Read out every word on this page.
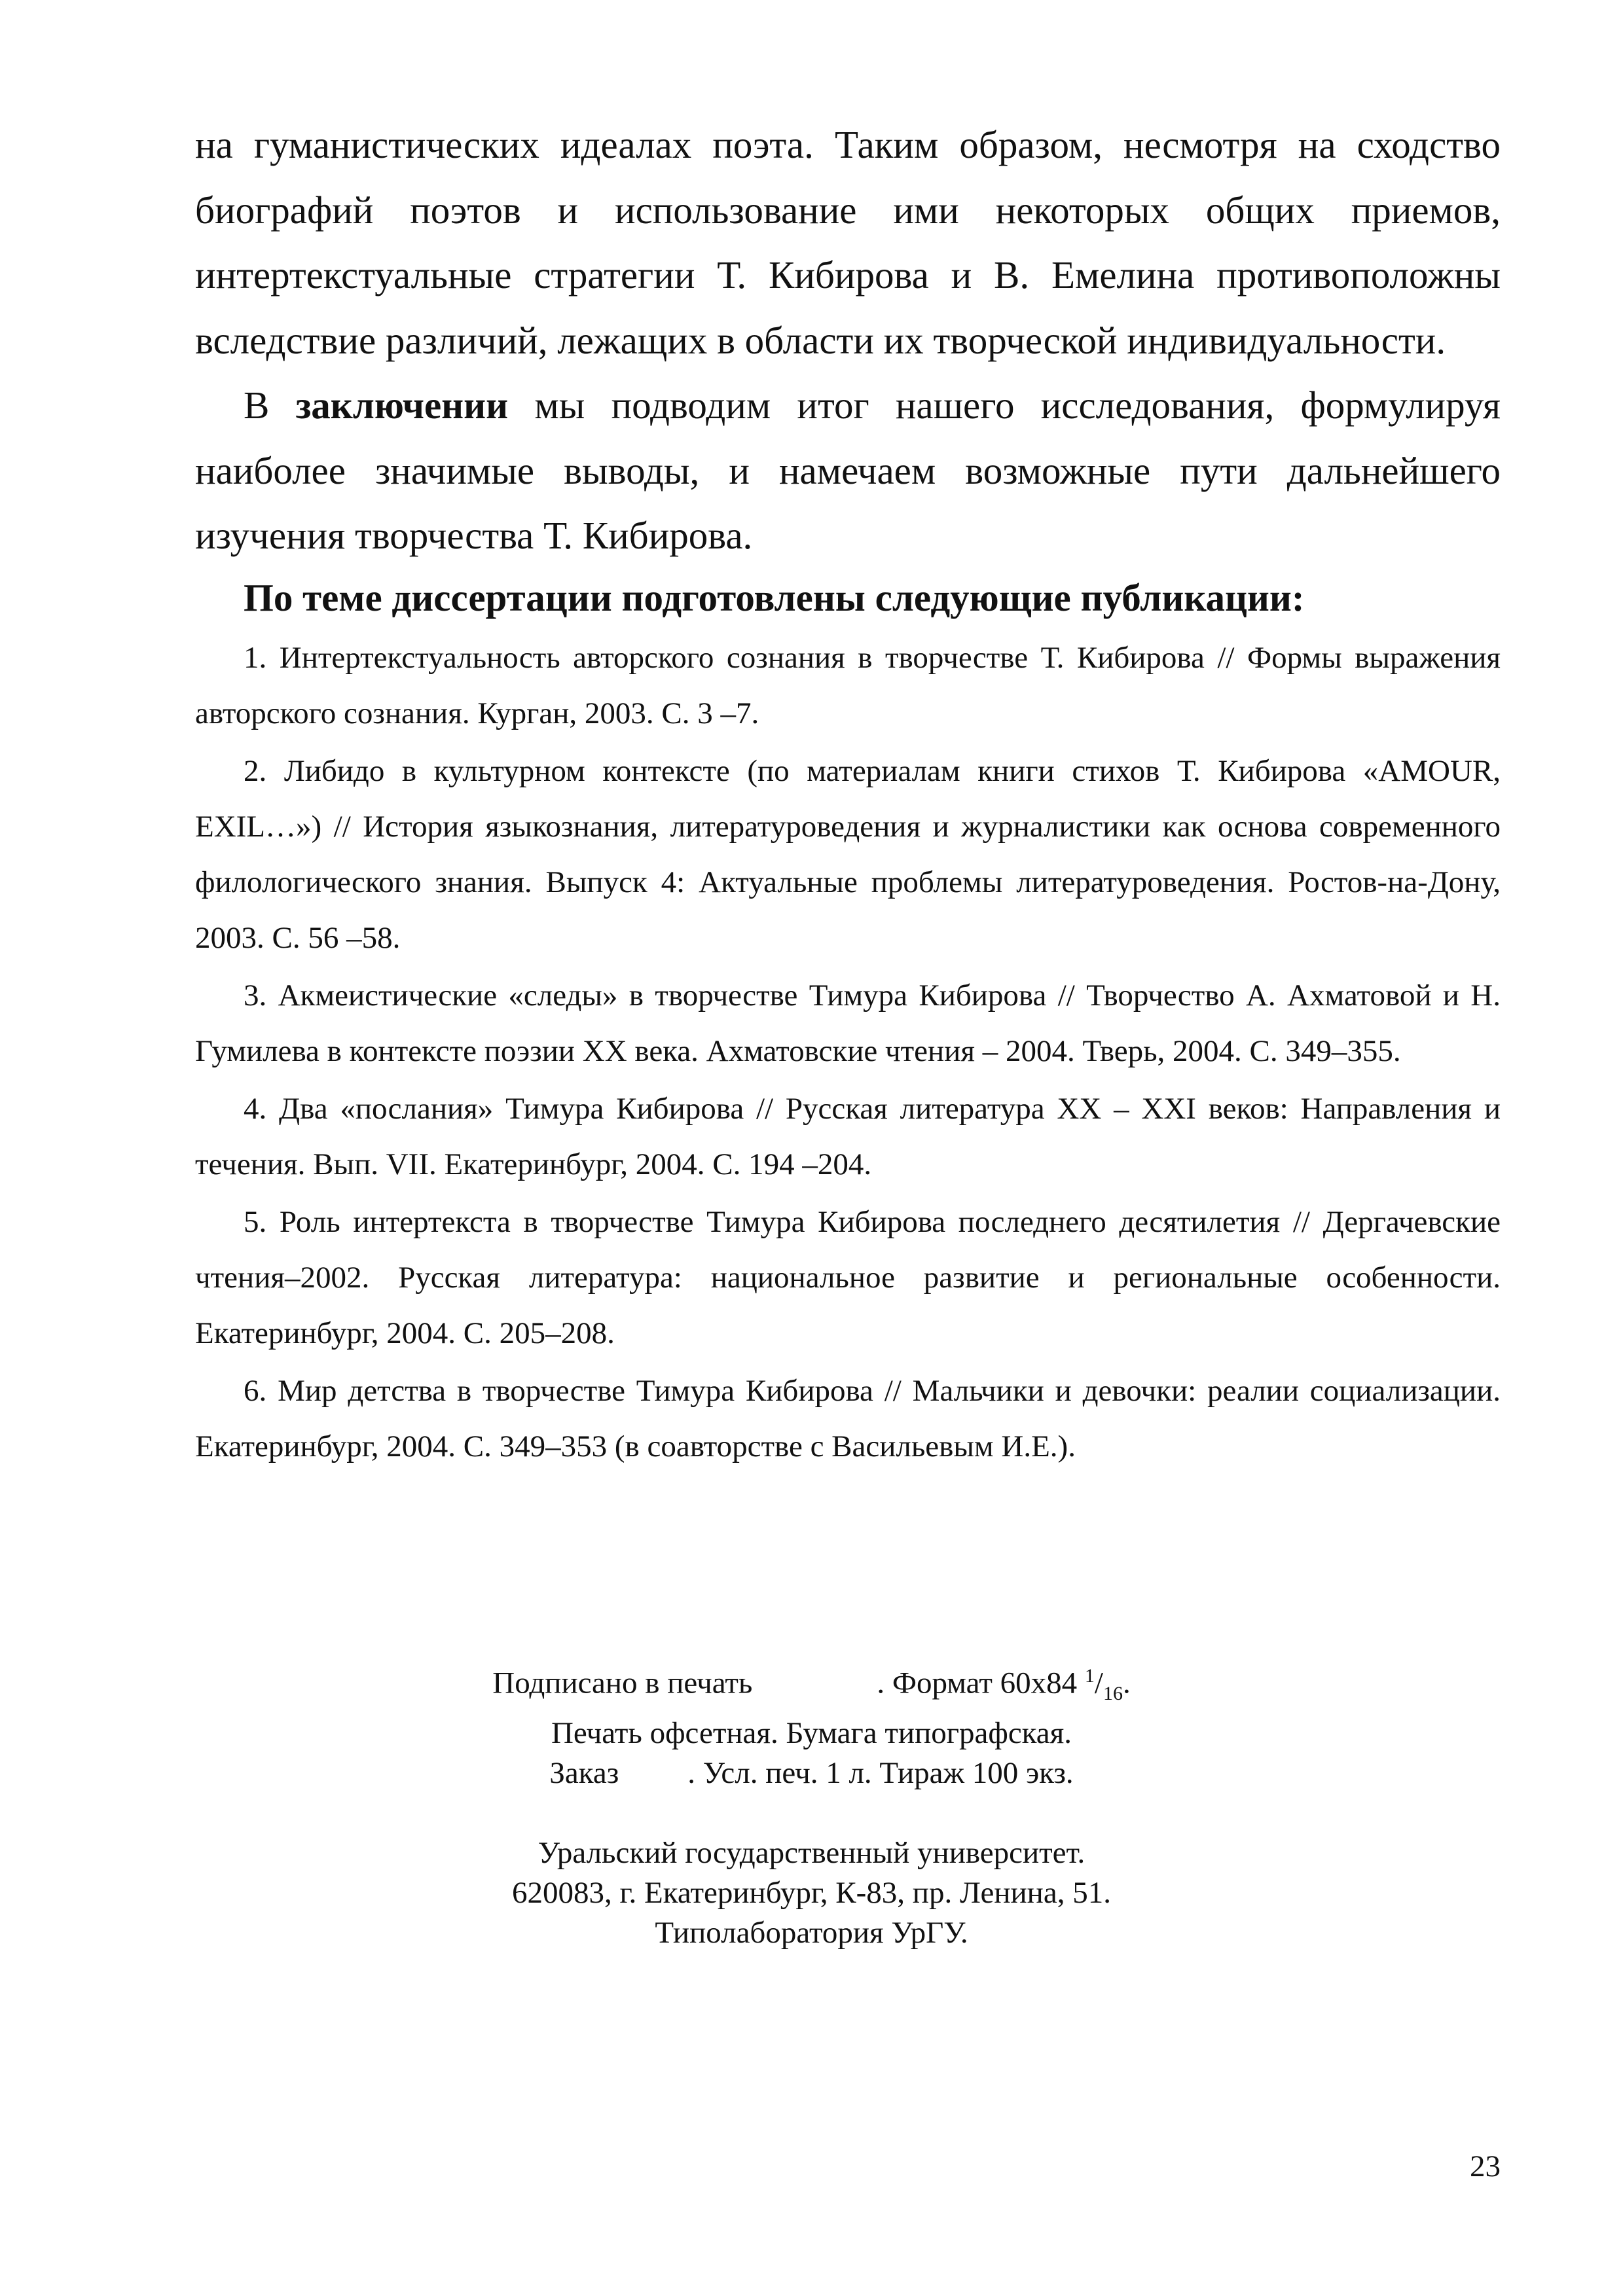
на гуманистических идеалах поэта. Таким образом, несмотря на сходство биографий поэтов и использование ими некоторых общих приемов, интертекстуальные стратегии Т. Кибирова и В. Емелина противоположны вследствие различий, лежащих в области их творческой индивидуальности.

В заключении мы подводим итог нашего исследования, формулируя наиболее значимые выводы, и намечаем возможные пути дальнейшего изучения творчества Т. Кибирова.

По теме диссертации подготовлены следующие публикации:

1. Интертекстуальность авторского сознания в творчестве Т. Кибирова // Формы выражения авторского сознания. Курган, 2003. С. 3 –7.
2. Либидо в культурном контексте (по материалам книги стихов Т. Кибирова «AMOUR, EXIL…») // История языкознания, литературоведения и журналистики как основа современного филологического знания. Выпуск 4: Актуальные проблемы литературоведения. Ростов-на-Дону, 2003. С. 56 –58.
3. Акмеистические «следы» в творчестве Тимура Кибирова // Творчество А. Ахматовой и Н. Гумилева в контексте поэзии XX века. Ахматовские чтения – 2004. Тверь, 2004. С. 349–355.
4. Два «послания» Тимура Кибирова // Русская литература XX – XXI веков: Направления и течения. Вып. VII. Екатеринбург, 2004. С. 194 –204.
5. Роль интертекста в творчестве Тимура Кибирова последнего десятилетия // Дергачевские чтения–2002. Русская литература: национальное развитие и региональные особенности. Екатеринбург, 2004. С. 205–208.
6. Мир детства в творчестве Тимура Кибирова // Мальчики и девочки: реалии социализации. Екатеринбург, 2004. С. 349–353 (в соавторстве с Васильевым И.Е.).

Подписано в печать	. Формат 60x84 $^1/_{16}$.

Печать офсетная. Бумага типографская.

Заказ . Усл. печ. 1 л. Тираж 100 экз.

Уральский государственный университет.

620083, г. Екатеринбург, К-83, пр. Ленина, 51.

Типолаборатория УрГУ.

23
